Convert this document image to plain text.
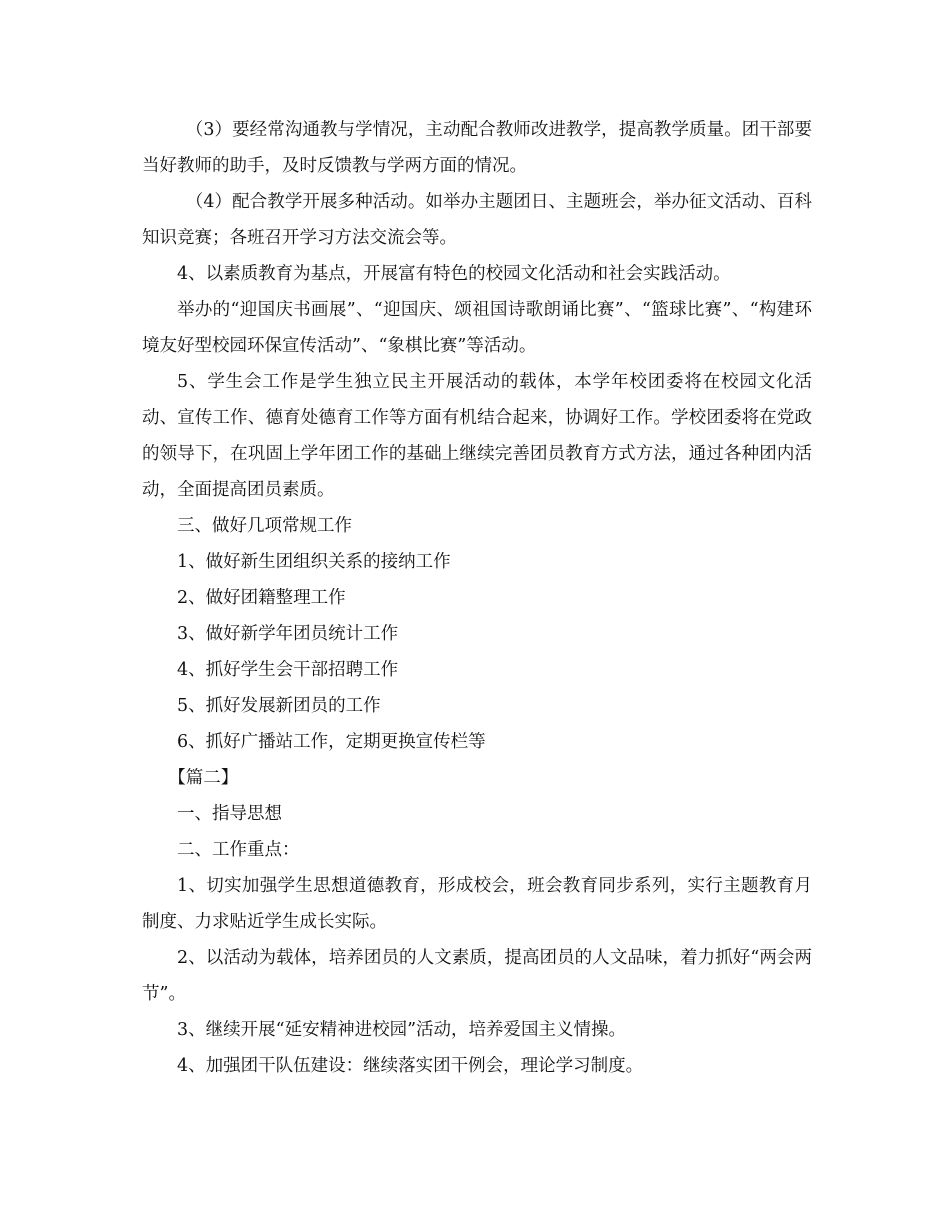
（3）要经常沟通教与学情况，主动配合教师改进教学，提高教学质量。团干部要当好教师的助手，及时反馈教与学两方面的情况。

（4）配合教学开展多种活动。如举办主题团日、主题班会，举办征文活动、百科知识竞赛；各班召开学习方法交流会等。

4、以素质教育为基点，开展富有特色的校园文化活动和社会实践活动。

举办的“迎国庆书画展”、“迎国庆、颂祖国诗歌朗诵比赛”、“篮球比赛”、“构建环境友好型校园环保宣传活动”、“象棋比赛”等活动。

5、学生会工作是学生独立民主开展活动的载体，本学年校团委将在校园文化活动、宣传工作、德育处德育工作等方面有机结合起来，协调好工作。学校团委将在党政的领导下，在巩固上学年团工作的基础上继续完善团员教育方式方法，通过各种团内活动，全面提高团员素质。

三、做好几项常规工作

1、做好新生团组织关系的接纳工作

2、做好团籍整理工作

3、做好新学年团员统计工作

4、抓好学生会干部招聘工作

5、抓好发展新团员的工作

6、抓好广播站工作，定期更换宣传栏等

【篇二】

一、指导思想

二、工作重点：

1、切实加强学生思想道德教育，形成校会，班会教育同步系列，实行主题教育月制度、力求贴近学生成长实际。

2、以活动为载体，培养团员的人文素质，提高团员的人文品味，着力抓好“两会两节”。

3、继续开展“延安精神进校园”活动，培养爱国主义情操。

4、加强团干队伍建设：继续落实团干例会，理论学习制度。
